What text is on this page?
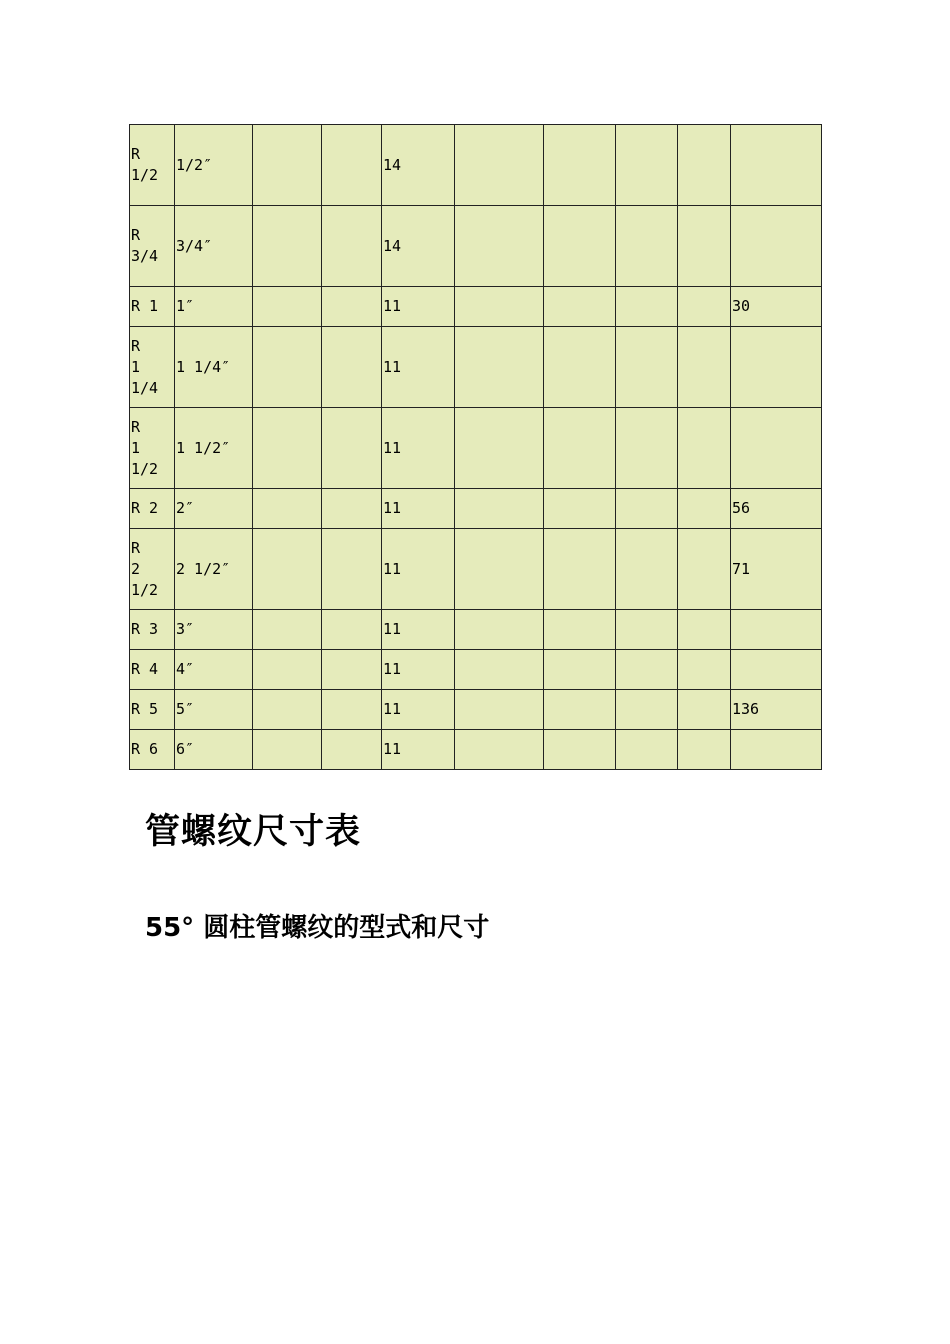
R
1/2	1/2″			14					
R
3/4	3/4″			14					
R 1	1″			11					30
R   1
1/4	1 1/4″			11					
R   1
1/2	1 1/2″			11					
R 2	2″			11					56
R   2
1/2	2 1/2″			11					71
R 3	3″			11					
R 4	4″			11					
R 5	5″			11					136
R 6	6″			11					
管螺纹尺寸表
55° 圆柱管螺纹的型式和尺寸
